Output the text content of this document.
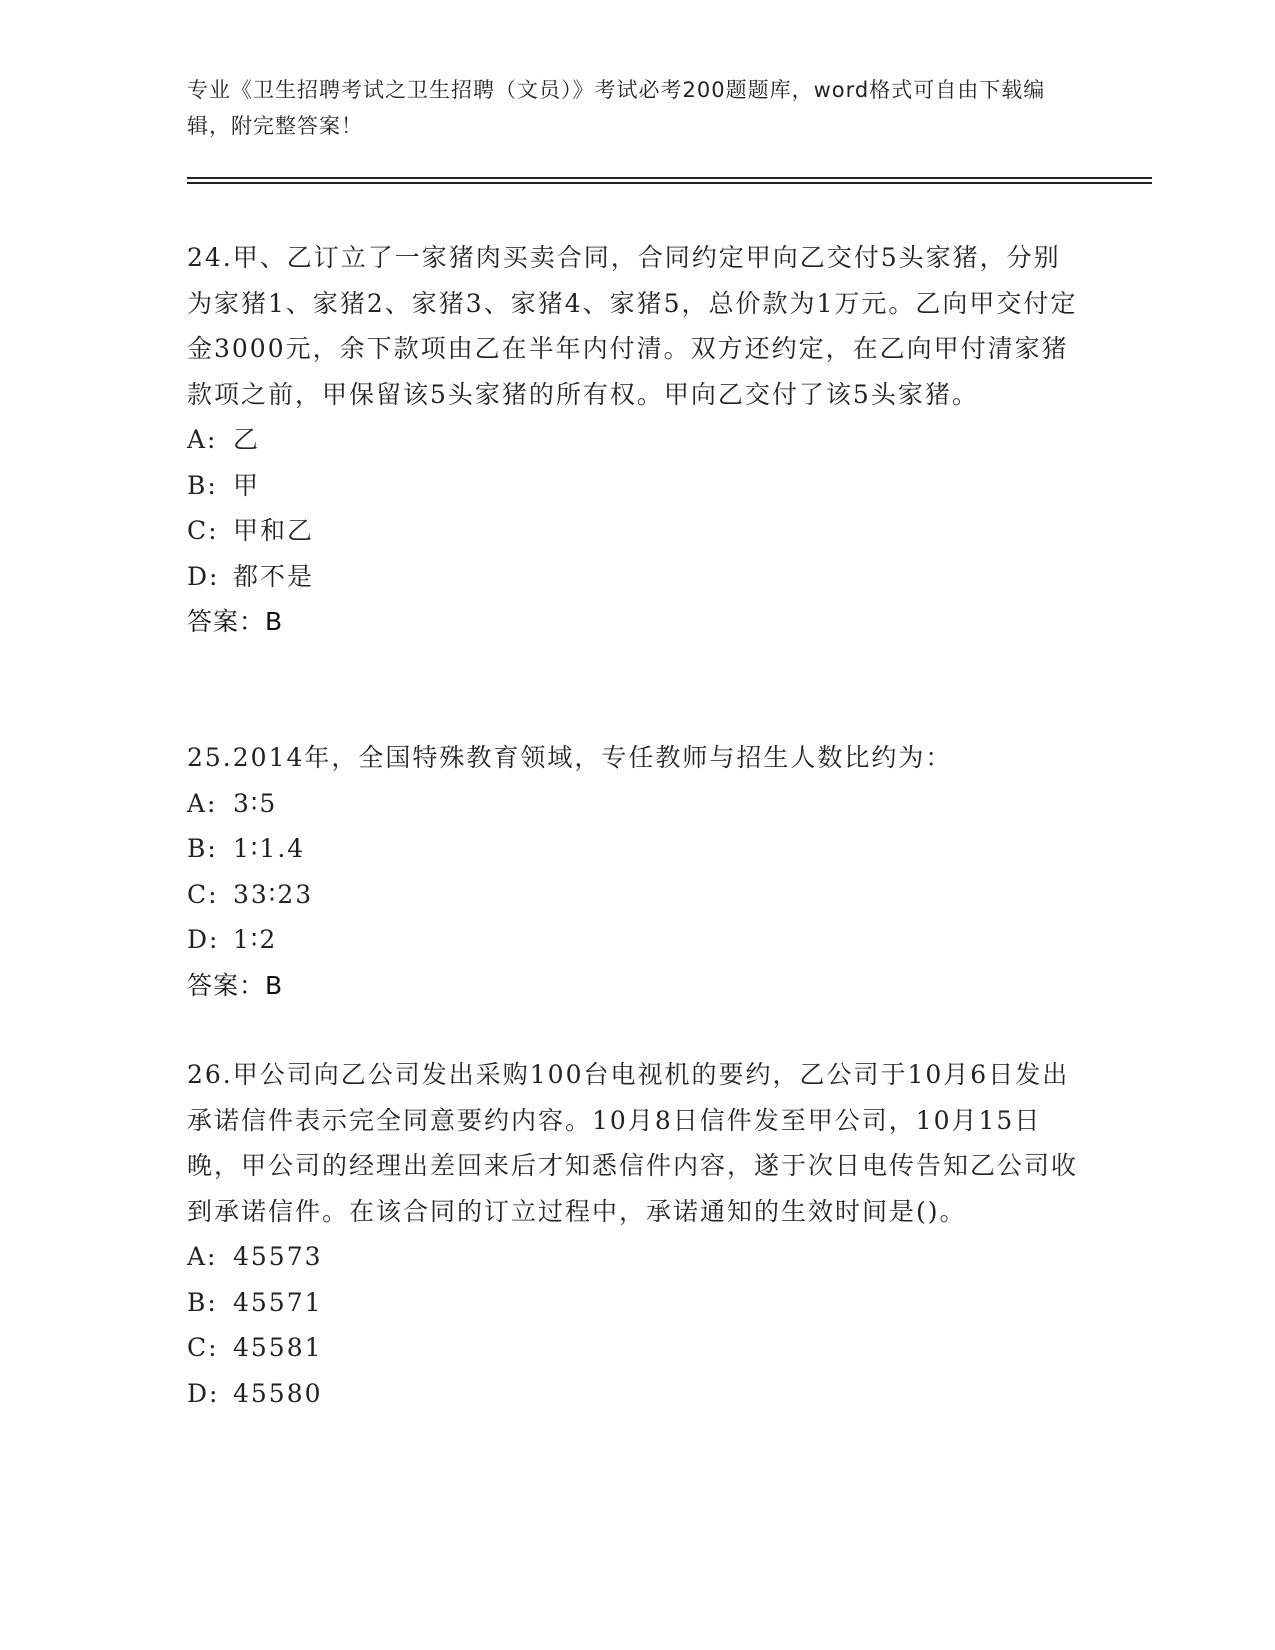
专业《卫生招聘考试之卫生招聘（文员）》考试必考200题题库，word格式可自由下载编辑，附完整答案！

24.甲、乙订立了一家猪肉买卖合同，合同约定甲向乙交付5头家猪，分别为家猪1、家猪2、家猪3、家猪4、家猪5，总价款为1万元。乙向甲交付定金3000元，余下款项由乙在半年内付清。双方还约定，在乙向甲付清家猪款项之前，甲保留该5头家猪的所有权。甲向乙交付了该5头家猪。

A: 乙

B: 甲

C: 甲和乙

D: 都不是

答案：B

25.2014年，全国特殊教育领域，专任教师与招生人数比约为：

A: 3∶5

B: 1∶1.4

C: 33∶23

D: 1∶2

答案：B

26.甲公司向乙公司发出采购100台电视机的要约，乙公司于10月6日发出承诺信件表示完全同意要约内容。10月8日信件发至甲公司，10月15日晚，甲公司的经理出差回来后才知悉信件内容，遂于次日电传告知乙公司收到承诺信件。在该合同的订立过程中，承诺通知的生效时间是()。

A: 45573

B: 45571

C: 45581

D: 45580
